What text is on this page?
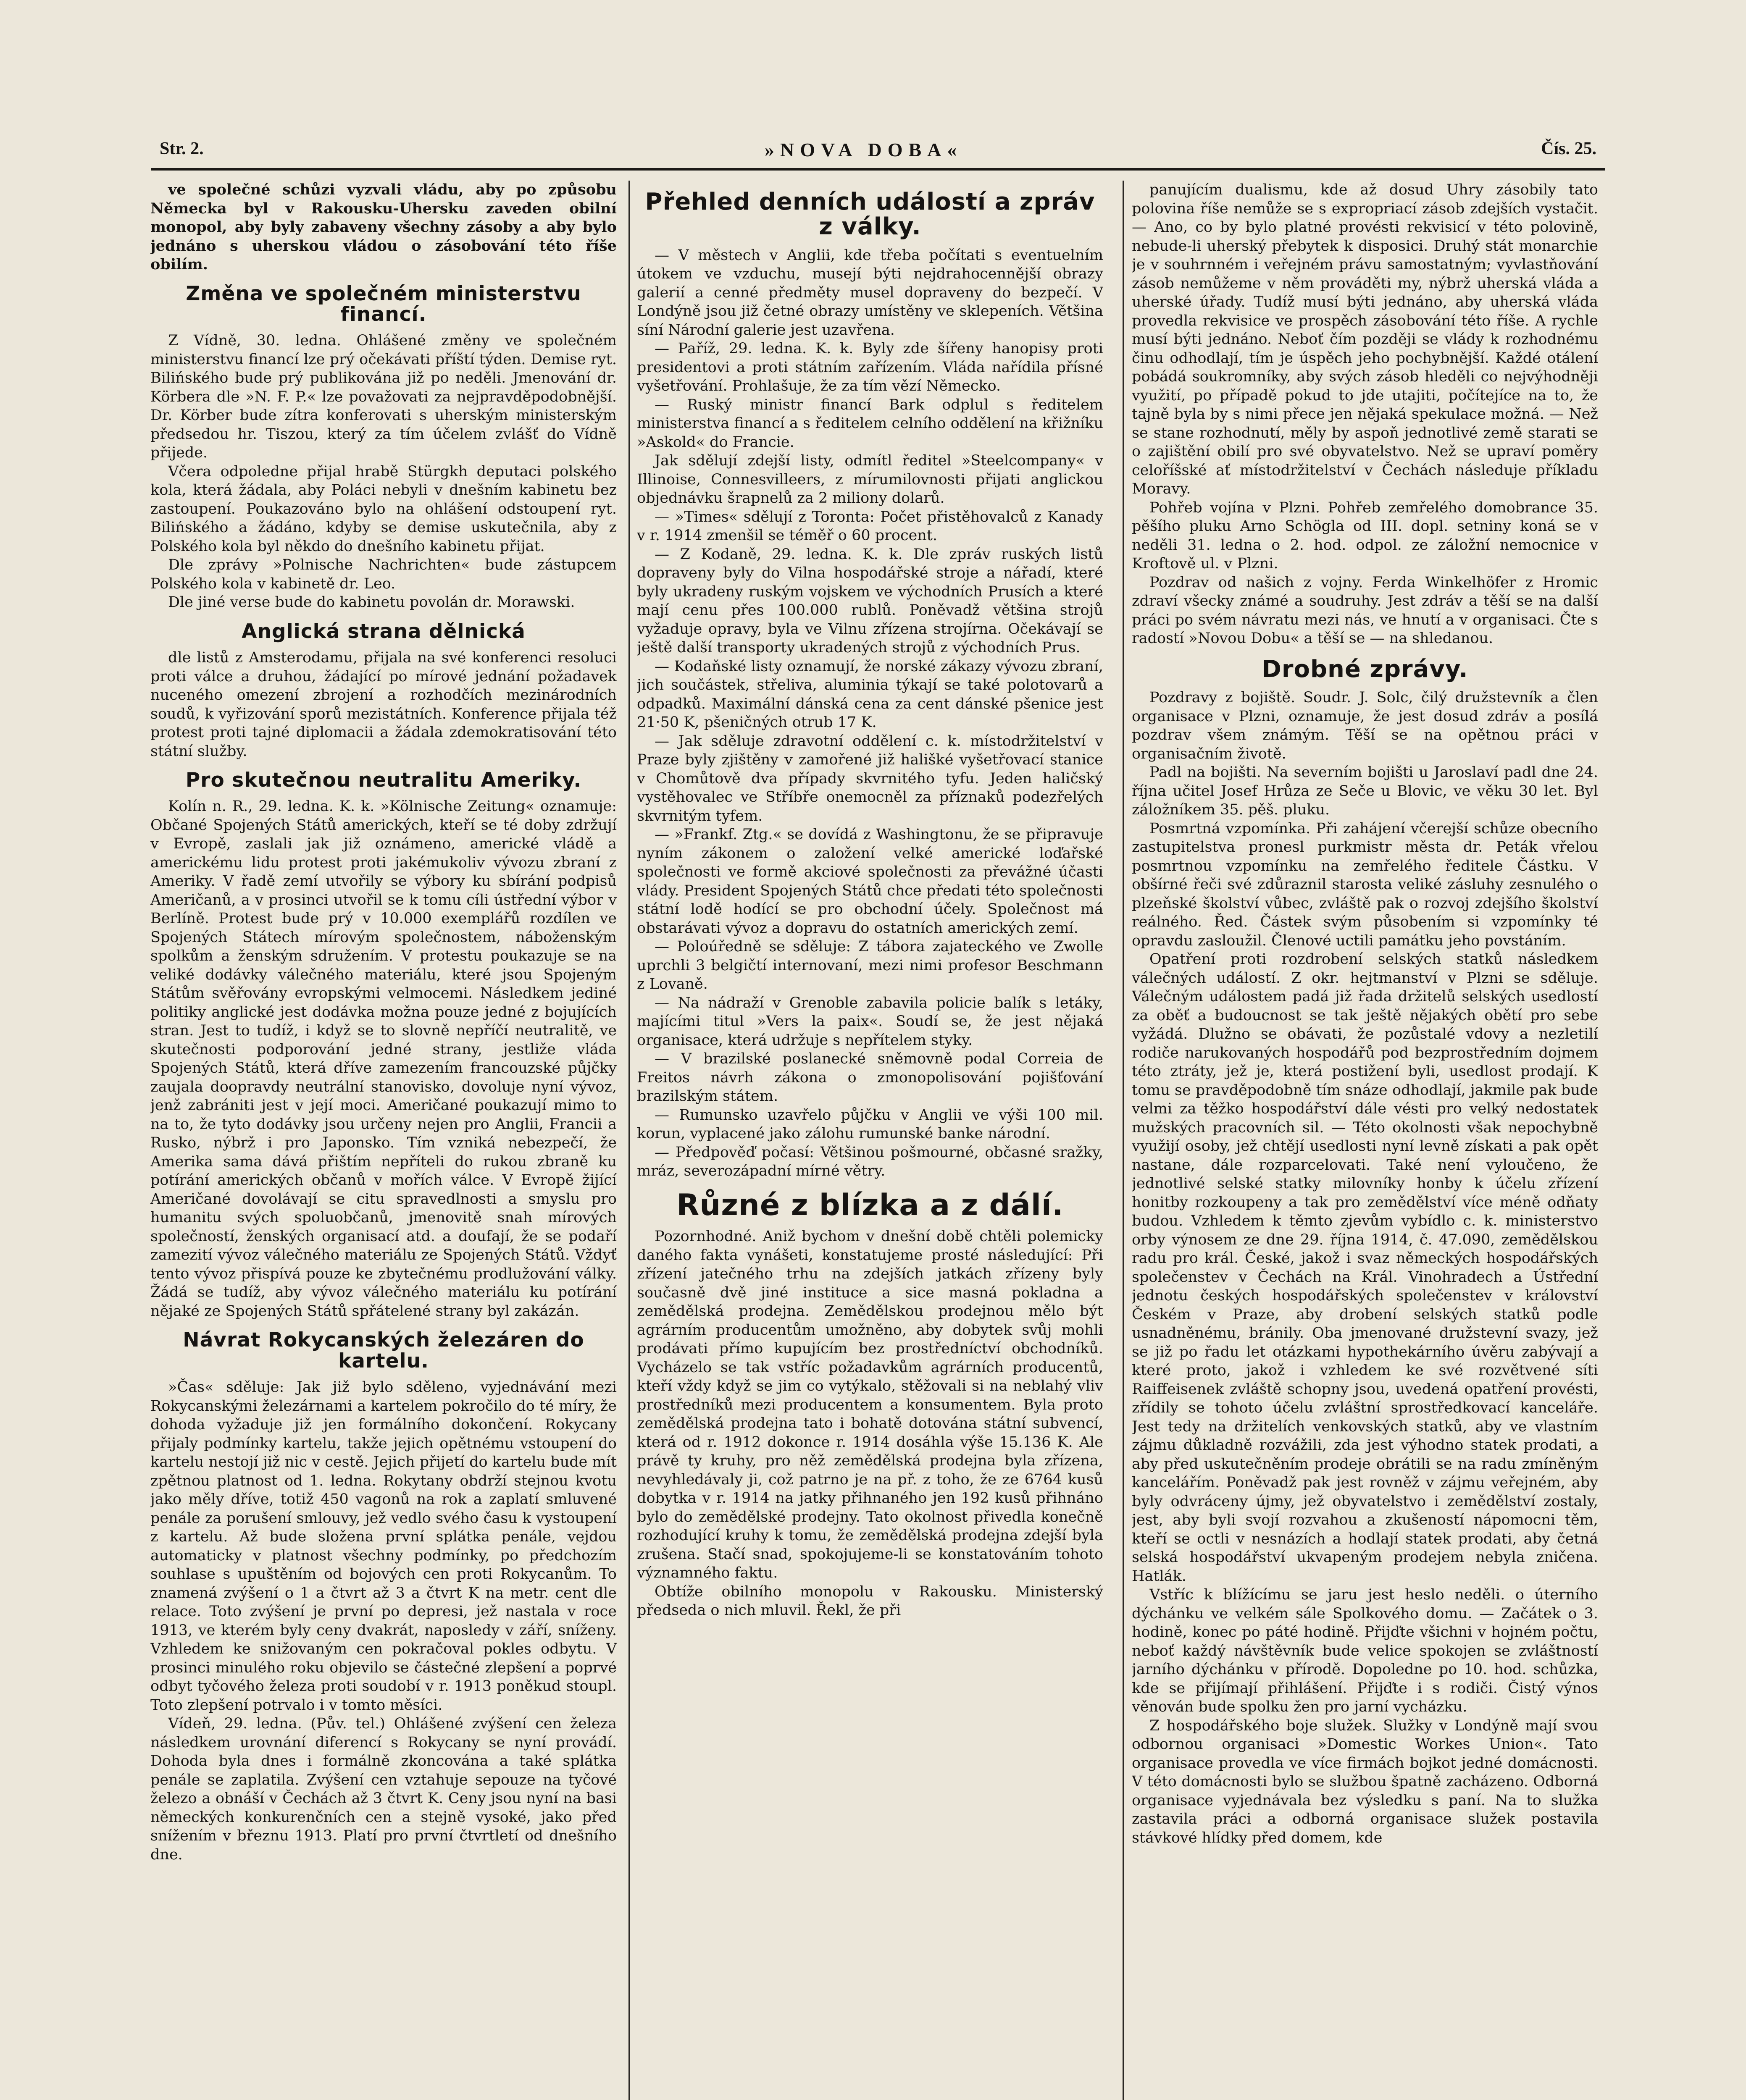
Str. 2.	»NOVA DOBA«	Čís. 25.

ve společné schůzi vyzvali vládu, aby po způsobu Německa byl v Rakousku-Uhersku zaveden obilní monopol, aby byly zabaveny všechny zásoby a aby bylo jednáno s uherskou vládou o zásobování této říše obilím.

Změna ve společném ministerstvu financí.

Z Vídně, 30. ledna. Ohlášené změny ve společném ministerstvu financí lze prý očekávati příští týden. Demise ryt. Bilińského bude prý publikována již po neděli. Jmenování dr. Körbera dle »N. F. P.« lze považovati za nejpravděpodobnější. Dr. Körber bude zítra konferovati s uherským ministerským předsedou hr. Tiszou, který za tím účelem zvlášť do Vídně přijede.

Včera odpoledne přijal hrabě Stürgkh deputaci polského kola, která žádala, aby Poláci nebyli v dnešním kabinetu bez zastoupení. Poukazováno bylo na ohlášení odstoupení ryt. Bilińského a žádáno, kdyby se demise uskutečnila, aby z Polského kola byl někdo do dnešního kabinetu přijat.

Dle zprávy »Polnische Nachrichten« bude zástupcem Polského kola v kabinetě dr. Leo.

Dle jiné verse bude do kabinetu povolán dr. Morawski.

Anglická strana dělnická

dle listů z Amsterodamu, přijala na své konferenci resoluci proti válce a druhou, žádající po mírové jednání požadavek nuceného omezení zbrojení a rozhodčích mezinárodních soudů, k vyřizování sporů mezistátních. Konference přijala též protest proti tajné diplomacii a žádala zdemokratisování této státní služby.

Pro skutečnou neutralitu Ameriky.

Kolín n. R., 29. ledna. K. k. »Kölnische Zeitung« oznamuje: Občané Spojených Států amerických, kteří se té doby zdržují v Evropě, zaslali jak již oznámeno, americké vládě a americkému lidu protest proti jakémukoliv vývozu zbraní z Ameriky. V řadě zemí utvořily se výbory ku sbírání podpisů Američanů, a v prosinci utvořil se k tomu cíli ústřední výbor v Berlíně. Protest bude prý v 10.000 exemplářů rozdílen ve Spojených Státech mírovým společnostem, náboženským spolkům a ženským sdružením. V protestu poukazuje se na veliké dodávky válečného materiálu, které jsou Spojeným Státům svěřovány evropskými velmocemi. Následkem jediné politiky anglické jest dodávka možna pouze jedné z bojujících stran. Jest to tudíž, i když se to slovně nepříčí neutralitě, ve skutečnosti podporování jedné strany, jestliže vláda Spojených Států, která dříve zamezením francouzské půjčky zaujala doopravdy neutrální stanovisko, dovoluje nyní vývoz, jenž zabrániti jest v její moci. Američané poukazují mimo to na to, že tyto dodávky jsou určeny nejen pro Anglii, Francii a Rusko, nýbrž i pro Japonsko. Tím vzniká nebezpečí, že Amerika sama dává přištím nepříteli do rukou zbraně ku potírání amerických občanů v mořích válce. V Evropě žijící Američané dovolávají se citu spravedlnosti a smyslu pro humanitu svých spoluobčanů, jmenovitě snah mírových společností, ženských organisací atd. a doufají, že se podaří zamezití vývoz válečného materiálu ze Spojených Států. Vždyť tento vývoz přispívá pouze ke zbytečnému prodlužování války. Žádá se tudíž, aby vývoz válečného materiálu ku potírání nějaké ze Spojených Států spřátelené strany byl zakázán.

Návrat Rokycanských železáren do kartelu.

»Čas« sděluje: Jak již bylo sděleno, vyjednávání mezi Rokycanskými železárnami a kartelem pokročilo do té míry, že dohoda vyžaduje již jen formálního dokončení. Rokycany přijaly podmínky kartelu, takže jejich opětnému vstoupení do kartelu nestojí již nic v cestě. Jejich přijetí do kartelu bude mít zpětnou platnost od 1. ledna. Rokytany obdrží stejnou kvotu jako měly dříve, totiž 450 vagonů na rok a zaplatí smluvené penále za porušení smlouvy, jež vedlo svého času k vystoupení z kartelu. Až bude složena první splátka penále, vejdou automaticky v platnost všechny podmínky, po předchozím souhlase s upuštěním od bojových cen proti Rokycanům. To znamená zvýšení o 1 a čtvrt až 3 a čtvrt K na metr. cent dle relace. Toto zvýšení je první po depresi, jež nastala v roce 1913, ve kterém byly ceny dvakrát, naposledy v září, sníženy. Vzhledem ke snižovaným cen pokračoval pokles odbytu. V prosinci minulého roku objevilo se částečné zlepšení a poprvé odbyt tyčového železa proti soudobí v r. 1913 poněkud stoupl. Toto zlepšení potrvalo i v tomto měsíci.

Vídeň, 29. ledna. (Pův. tel.) Ohlášené zvýšení cen železa následkem urovnání diferencí s Rokycany se nyní provádí. Dohoda byla dnes i formálně zkoncována a také splátka penále se zaplatila. Zvýšení cen vztahuje sepouze na tyčové železo a obnáší v Čechách až 3 čtvrt K. Ceny jsou nyní na basi německých konkurenčních cen a stejně vysoké, jako před snížením v březnu 1913. Platí pro první čtvrtletí od dnešního dne.

Přehled denních událostí a zpráv z války.

— V městech v Anglii, kde třeba počítati s eventuelním útokem ve vzduchu, musejí býti nejdrahocennější obrazy galerií a cenné předměty musel dopraveny do bezpečí. V Londýně jsou již četné obrazy umístěny ve sklepeních. Většina síní Národní galerie jest uzavřena.

— Paříž, 29. ledna. K. k. Byly zde šířeny hanopisy proti presidentovi a proti státním zařízením. Vláda nařídila přísné vyšetřování. Prohlašuje, že za tím vězí Německo.

— Ruský ministr financí Bark odplul s ředitelem ministerstva financí a s ředitelem celního oddělení na křižníku »Askold« do Francie.

Jak sdělují zdejší listy, odmítl ředitel »Steelcompany« v Illinoise, Connesvilleers, z mírumilovnosti přijati anglickou objednávku šrapnelů za 2 miliony dolarů.

— »Times« sdělují z Toronta: Počet přistěhovalců z Kanady v r. 1914 zmenšil se téměř o 60 procent.

— Z Kodaně, 29. ledna. K. k. Dle zpráv ruských listů dopraveny byly do Vilna hospodářské stroje a nářadí, které byly ukradeny ruským vojskem ve východních Prusích a které mají cenu přes 100.000 rublů. Poněvadž většina strojů vyžaduje opravy, byla ve Vilnu zřízena strojírna. Očekávají se ještě další transporty ukradených strojů z východních Prus.

— Kodaňské listy oznamují, že norské zákazy vývozu zbraní, jich součástek, střeliva, aluminia týkají se také polotovarů a odpadků. Maximální dánská cena za cent dánské pšenice jest 21·50 K, pšeničných otrub 17 K.

— Jak sděluje zdravotní oddělení c. k. místodržitelství v Praze byly zjištěny v zamořené již hališké vyšetřovací stanice v Chomůtově dva případy skvrnitého tyfu. Jeden haličský vystěhovalec ve Stříbře onemocněl za příznaků podezřelých skvrnitým tyfem.

— »Frankf. Ztg.« se dovídá z Washingtonu, že se připravuje nyním zákonem o založení velké americké loďařské společnosti ve formě akciové společnosti za převážné účasti vlády. President Spojených Států chce předati této společnosti státní lodě hodící se pro obchodní účely. Společnost má obstarávati vývoz a dopravu do ostatních amerických zemí.

— Poloúředně se sděluje: Z tábora zajateckého ve Zwolle uprchli 3 belgičtí internovaní, mezi nimi profesor Beschmann z Lovaně.

— Na nádraží v Grenoble zabavila policie balík s letáky, majícími titul »Vers la paix«. Soudí se, že jest nějaká organisace, která udržuje s nepřítelem styky.

— V brazilské poslanecké sněmovně podal Correia de Freitos návrh zákona o zmonopolisování pojišťování brazilským státem.

— Rumunsko uzavřelo půjčku v Anglii ve výši 100 mil. korun, vyplacené jako zálohu rumunské banke národní.

— Předpověď počasí: Většinou pošmourné, občasné sražky, mráz, severozápadní mírné větry.

Různé z blízka a z dálí.

Pozornhodné. Aniž bychom v dnešní době chtěli polemicky daného fakta vynášeti, konstatujeme prosté následující: Při zřízení jatečného trhu na zdejších jatkách zřízeny byly současně dvě jiné instituce a sice masná pokladna a zemědělská prodejna. Zemědělskou prodejnou mělo být agrárním producentům umožněno, aby dobytek svůj mohli prodávati přímo kupujícím bez prostředníctví obchodníků. Vycházelo se tak vstříc požadavkům agrárních producentů, kteří vždy když se jim co vytýkalo, stěžovali si na neblahý vliv prostředníků mezi producentem a konsumentem. Byla proto zemědělská prodejna tato i bohatě dotována státní subvencí, která od r. 1912 dokonce r. 1914 dosáhla výše 15.136 K. Ale právě ty kruhy, pro něž zemědělská prodejna byla zřízena, nevyhledávaly ji, což patrno je na př. z toho, že ze 6764 kusů dobytka v r. 1914 na jatky přihnaného jen 192 kusů přihnáno bylo do zemědělské prodejny. Tato okolnost přivedla konečně rozhodující kruhy k tomu, že zemědělská prodejna zdejší byla zrušena. Stačí snad, spokojujeme-li se konstatováním tohoto významného faktu.

Obtíže obilního monopolu v Rakousku. Ministerský předseda o nich mluvil. Řekl, že při

panujícím dualismu, kde až dosud Uhry zásobily tato polovina říše nemůže se s expropriací zásob zdejších vystačit. — Ano, co by bylo platné provésti rekvisicí v této polovině, nebude-li uherský přebytek k disposici. Druhý stát monarchie je v souhrnném i veřejném právu samostatným; vyvlastňování zásob nemůžeme v něm prováděti my, nýbrž uherská vláda a uherské úřady. Tudíž musí býti jednáno, aby uherská vláda provedla rekvisice ve prospěch zásobování této říše. A rychle musí býti jednáno. Neboť čím později se vlády k rozhodnému činu odhodlají, tím je úspěch jeho pochybnější. Každé otálení pobádá soukromníky, aby svých zásob hleděli co nejvýhodněji využití, po případě pokud to jde utajiti, počítejíce na to, že tajně byla by s nimi přece jen nějaká spekulace možná. — Než se stane rozhodnutí, měly by aspoň jednotlivé země starati se o zajištění obilí pro své obyvatelstvo. Než se upraví poměry celoříšské ať místodržitelství v Čechách následuje příkladu Moravy.

Pohřeb vojína v Plzni. Pohřeb zemřelého domobrance 35. pěšího pluku Arno Schöglа od III. dopl. setniny koná se v neděli 31. ledna o 2. hod. odpol. ze záložní nemocnice v Kroftově ul. v Plzni.

Pozdrav od našich z vojny. Ferda Winkelhöfer z Hromic zdraví všecky známé a soudruhy. Jest zdráv a těší se na další práci po svém návratu mezi nás, ve hnutí a v organisaci. Čte s radostí »Novou Dobu« a těší se — na shledanou.

Drobné zprávy.

Pozdravy z bojiště. Soudr. J. Solc, čilý družstevník a člen organisace v Plzni, oznamuje, že jest dosud zdráv a posílá pozdrav všem známým. Těší se na opětnou práci v organisačním životě.

Padl na bojišti. Na severním bojišti u Jaroslaví padl dne 24. října učitel Josef Hrůza ze Seče u Blovic, ve věku 30 let. Byl záložníkem 35. pěš. pluku.

Posmrtná vzpomínka. Při zahájení včerejší schůze obecního zastupitelstva pronesl purkmistr města dr. Peták vřelou posmrtnou vzpomínku na zemřelého ředitele Částku. V obšírné řeči své zdůraznil starosta veliké zásluhy zesnulého o plzeňské školství vůbec, zvláště pak o rozvoj zdejšího školství reálného. Řed. Částek svým působením si vzpomínky té opravdu zasloužil. Členové uctili památku jeho povstáním.

Opatření proti rozdrobení selských statků následkem válečných událostí. Z okr. hejtmanství v Plzni se sděluje. Válečným událostem padá již řada držitelů selských usedlostí za oběť a budoucnost se tak ještě nějakých obětí pro sebe vyžádá. Dlužno se obávati, že pozůstalé vdovy a nezletilí rodiče narukovaných hospodářů pod bezprostředním dojmem této ztráty, jež je, která postižení byli, usedlost prodají. K tomu se pravděpodobně tím snáze odhodlají, jakmile pak bude velmi za těžko hospodářství dále vésti pro velký nedostatek mužských pracovních sil. — Této okolnosti však nepochybně využijí osoby, jež chtějí usedlosti nyní levně získati a pak opět nastane, dále rozparcelovati. Také není vyloučeno, že jednotlivé selské statky milovníky honby k účelu zřízení honitby rozkoupeny a tak pro zemědělství více méně odňaty budou. Vzhledem k těmto zjevům vybídlo c. k. ministerstvo orby výnosem ze dne 29. října 1914, č. 47.090, zemědělskou radu pro král. České, jakož i svaz německých hospodářských společenstev v Čechách na Král. Vinohradech a Ústřední jednotu českých hospodářských společenstev v království Českém v Praze, aby drobení selských statků podle usnadněnému, bránily. Oba jmenované družstevní svazy, jež se již po řadu let otázkami hypothekárního úvěru zabývají a které proto, jakož i vzhledem ke své rozvětvené síti Raiffeisenek zvláště schopny jsou, uvedená opatření provésti, zřídily se tohoto účelu zvláštní sprostředkovací kanceláře. Jest tedy na držitelích venkovských statků, aby ve vlastním zájmu důkladně rozvážili, zda jest výhodno statek prodati, a aby před uskutečněním prodeje obrátili se na radu zmíněným kancelářím. Poněvadž pak jest rovněž v zájmu veřejném, aby byly odvráceny újmy, jež obyvatelstvo i zemědělství zostaly, jest, aby byli svojí rozvahou a zkušeností nápomocni těm, kteří se octli v nesnázích a hodlají statek prodati, aby četná selská hospodářství ukvapeným prodejem nebyla zničena. Hatlák.

Vstříc k blížícímu se jaru jest heslo neděli. o úterního dýchánku ve velkém sále Spolkového domu. — Začátek o 3. hodině, konec po páté hodině. Přijďte všichni v hojném počtu, neboť každý návštěvník bude velice spokojen se zvláštností jarního dýchánku v přírodě. Dopoledne po 10. hod. schůzka, kde se přijímají přihlášení. Přijďte i s rodiči. Čistý výnos věnován bude spolku žen pro jarní vycházku.

Z hospodářského boje služek. Služky v Londýně mají svou odbornou organisaci »Domestic Workes Union«. Tato organisace provedla ve více firmách bojkot jedné domácnosti. V této domácnosti bylo se službou špatně zacházeno. Odborná organisace vyjednávala bez výsledku s paní. Na to služka zastavila práci a odborná organisace služek postavila stávkové hlídky před domem, kde
